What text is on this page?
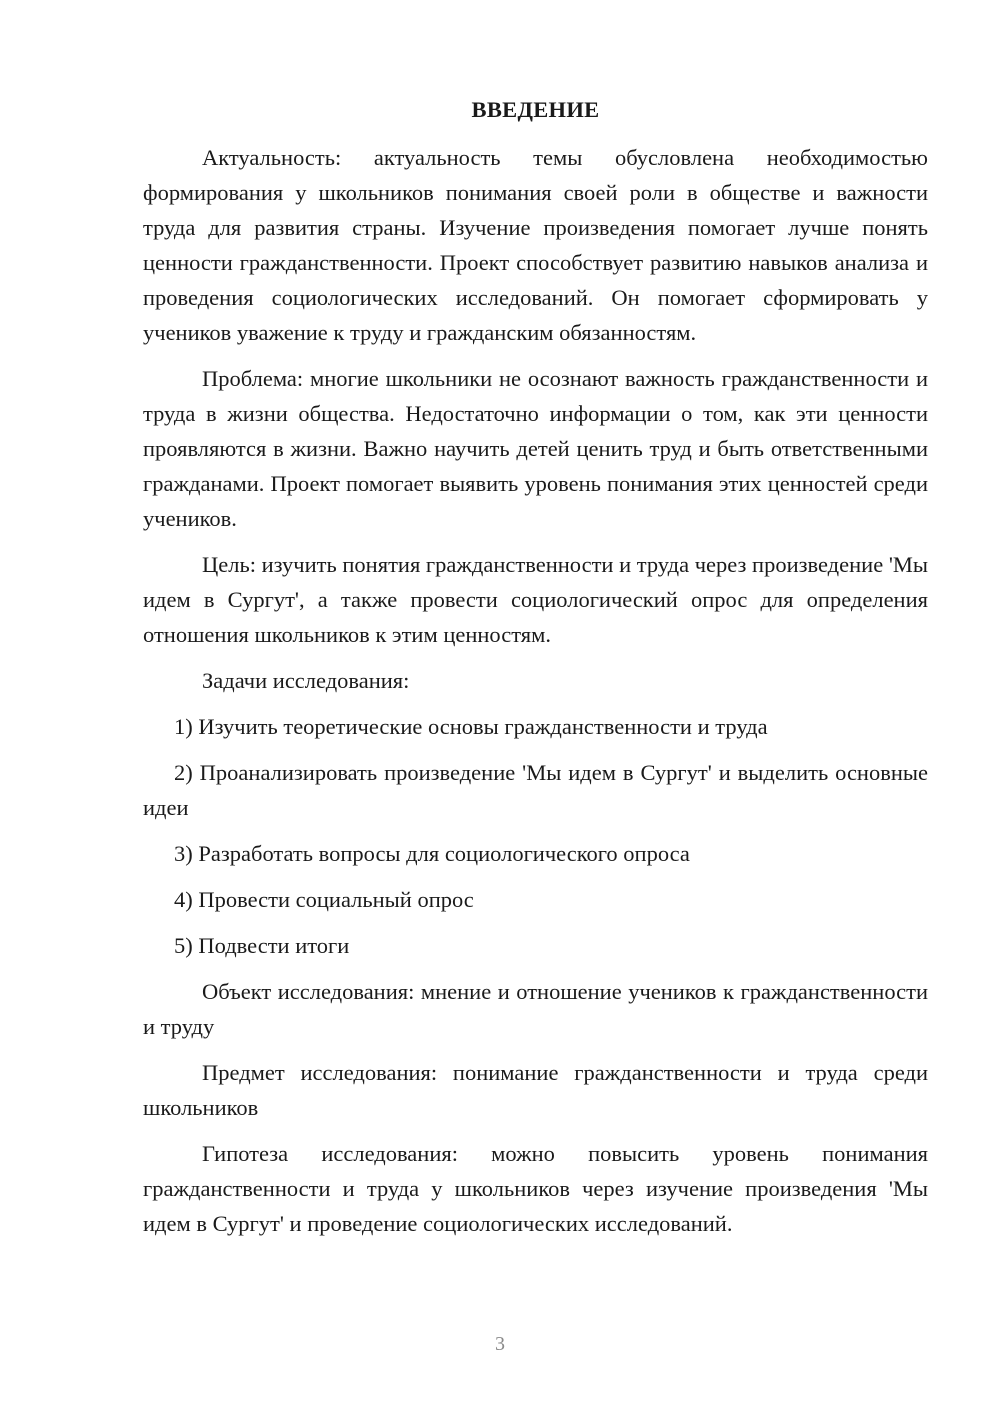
ВВЕДЕНИЕ

Актуальность: актуальность темы обусловлена необходимостью формирования у школьников понимания своей роли в обществе и важности труда для развития страны. Изучение произведения помогает лучше понять ценности гражданственности. Проект способствует развитию навыков анализа и проведения социологических исследований. Он помогает сформировать у учеников уважение к труду и гражданским обязанностям.

Проблема: многие школьники не осознают важность гражданственности и труда в жизни общества. Недостаточно информации о том, как эти ценности проявляются в жизни. Важно научить детей ценить труд и быть ответственными гражданами. Проект помогает выявить уровень понимания этих ценностей среди учеников.

Цель: изучить понятия гражданственности и труда через произведение 'Мы идем в Сургут', а также провести социологический опрос для определения отношения школьников к этим ценностям.

Задачи исследования:

1) Изучить теоретические основы гражданственности и труда

2) Проанализировать произведение 'Мы идем в Сургут' и выделить основные идеи

3) Разработать вопросы для социологического опроса

4) Провести социальный опрос

5) Подвести итоги

Объект исследования: мнение и отношение учеников к гражданственности и труду

Предмет исследования: понимание гражданственности и труда среди школьников

Гипотеза исследования: можно повысить уровень понимания гражданственности и труда у школьников через изучение произведения 'Мы идем в Сургут' и проведение социологических исследований.

3
